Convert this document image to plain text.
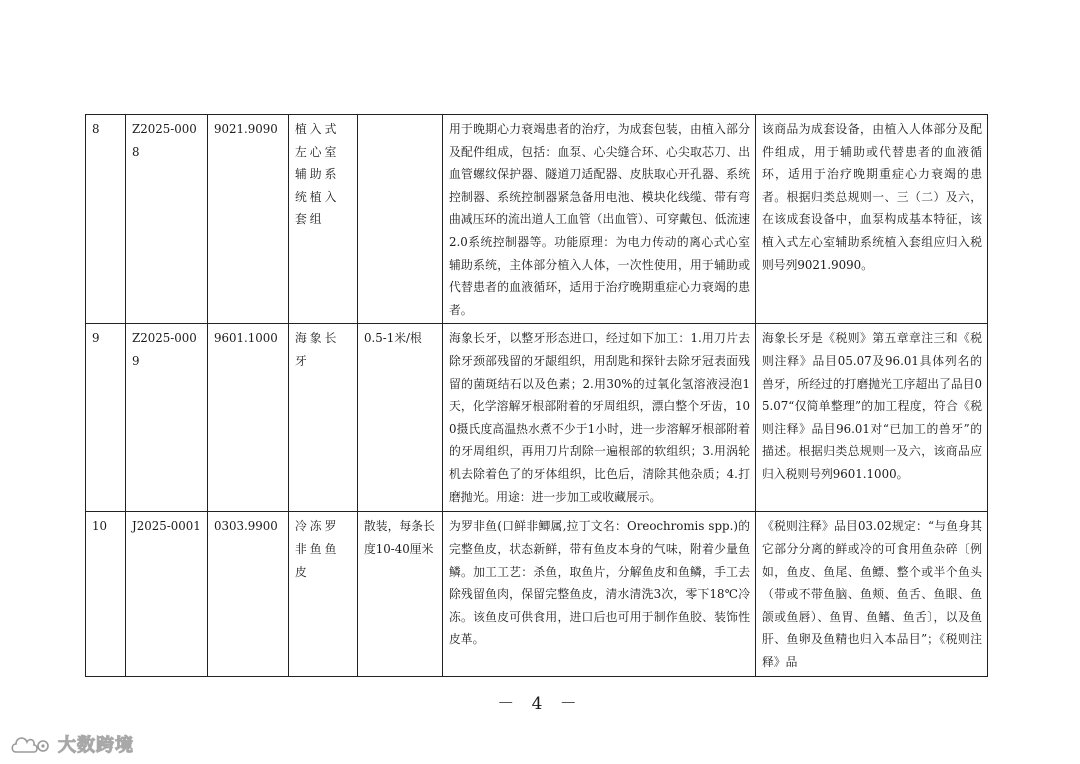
8	Z2025-0008	9021.9090	植入式左心室辅助系统植入套组		用于晚期心力衰竭患者的治疗，为成套包装，由植入部分及配件组成，包括：血泵、心尖缝合环、心尖取芯刀、出血管螺纹保护器、隧道刀适配器、皮肤取心开孔器、系统控制器、系统控制器紧急备用电池、模块化线缆、带有弯曲减压环的流出道人工血管（出血管）、可穿戴包、低流速2.0系统控制器等。功能原理：为电力传动的离心式心室辅助系统，主体部分植入人体，一次性使用，用于辅助或代替患者的血液循环，适用于治疗晚期重症心力衰竭的患者。	该商品为成套设备，由植入人体部分及配件组成，用于辅助或代替患者的血液循环，适用于治疗晚期重症心力衰竭的患者。根据归类总规则一、三（二）及六，在该成套设备中，血泵构成基本特征，该植入式左心室辅助系统植入套组应归入税则号列9021.9090。
9	Z2025-0009	9601.1000	海象长牙	0.5-1米/根	海象长牙，以整牙形态进口，经过如下加工：1.用刀片去除牙颈部残留的牙龈组织，用刮匙和探针去除牙冠表面残留的菌斑结石以及色素；2.用30%的过氧化氢溶液浸泡1天，化学溶解牙根部附着的牙周组织，漂白整个牙齿，100摄氏度高温热水煮不少于1小时，进一步溶解牙根部附着的牙周组织，再用刀片刮除一遍根部的软组织；3.用涡轮机去除着色了的牙体组织，比色后，清除其他杂质；4.打磨抛光。用途：进一步加工或收藏展示。	海象长牙是《税则》第五章章注三和《税则注释》品目05.07及96.01具体列名的兽牙，所经过的打磨抛光工序超出了品目05.07“仅简单整理”的加工程度，符合《税则注释》品目96.01对“已加工的兽牙”的描述。根据归类总规则一及六，该商品应归入税则号列9601.1000。
10	J2025-0001	0303.9900	冷冻罗非鱼鱼皮	散装，每条长度10-40厘米	为罗非鱼(口鲜非鲫属,拉丁文名：Oreochromis spp.)的完整鱼皮，状态新鲜，带有鱼皮本身的气味，附着少量鱼鳞。加工工艺：杀鱼，取鱼片，分解鱼皮和鱼鳞，手工去除残留鱼肉，保留完整鱼皮，清水清洗3次，零下18℃冷冻。该鱼皮可供食用，进口后也可用于制作鱼胶、装饰性皮革。	《税则注释》品目03.02规定：“与鱼身其它部分分离的鲜或冷的可食用鱼杂碎〔例如，鱼皮、鱼尾、鱼鳔、整个或半个鱼头（带或不带鱼脑、鱼颊、鱼舌、鱼眼、鱼颌或鱼唇）、鱼胃、鱼鳍、鱼舌〕，以及鱼肝、鱼卵及鱼精也归入本品目”；《税则注释》品
－ 4 －
大数跨境
